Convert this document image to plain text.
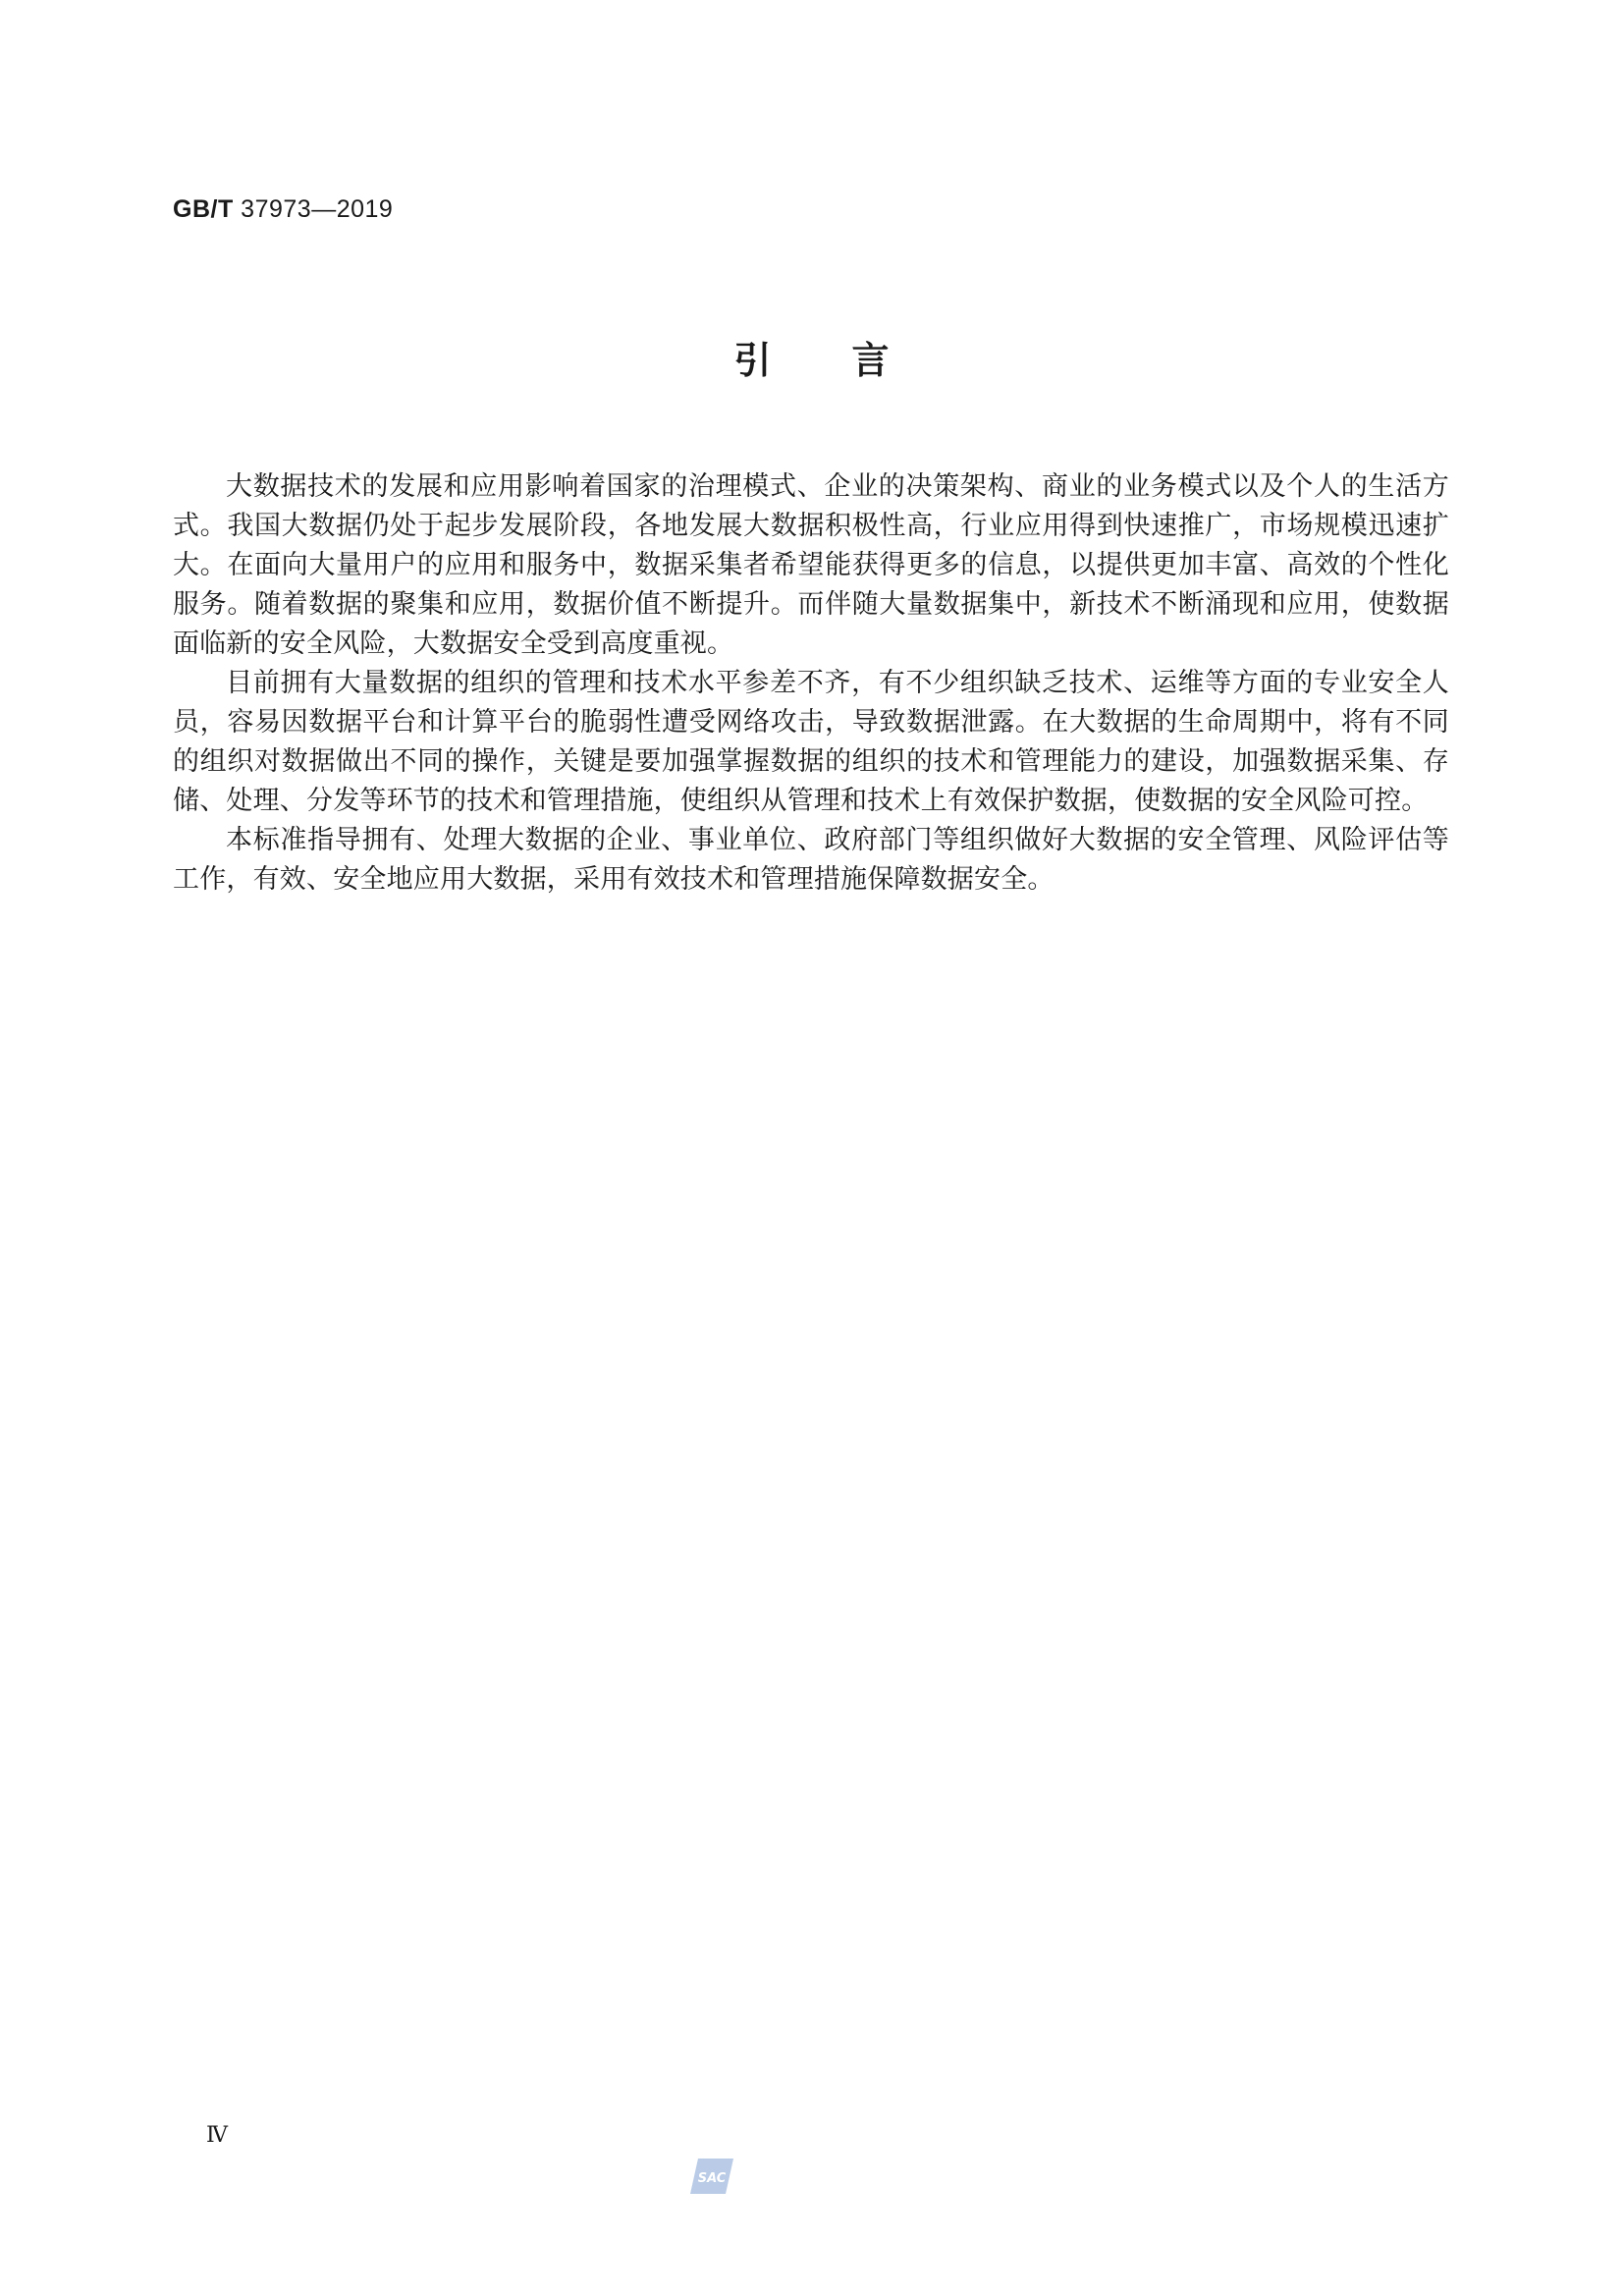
GB/T 37973—2019
引言

大数据技术的发展和应用影响着国家的治理模式、企业的决策架构、商业的业务模式以及个人的生活方式。我国大数据仍处于起步发展阶段，各地发展大数据积极性高，行业应用得到快速推广，市场规模迅速扩大。在面向大量用户的应用和服务中，数据采集者希望能获得更多的信息，以提供更加丰富、高效的个性化服务。随着数据的聚集和应用，数据价值不断提升。而伴随大量数据集中，新技术不断涌现和应用，使数据面临新的安全风险，大数据安全受到高度重视。

目前拥有大量数据的组织的管理和技术水平参差不齐，有不少组织缺乏技术、运维等方面的专业安全人员，容易因数据平台和计算平台的脆弱性遭受网络攻击，导致数据泄露。在大数据的生命周期中，将有不同的组织对数据做出不同的操作，关键是要加强掌握数据的组织的技术和管理能力的建设，加强数据采集、存储、处理、分发等环节的技术和管理措施，使组织从管理和技术上有效保护数据，使数据的安全风险可控。

本标准指导拥有、处理大数据的企业、事业单位、政府部门等组织做好大数据的安全管理、风险评估等工作，有效、安全地应用大数据，采用有效技术和管理措施保障数据安全。

Ⅳ
SAC
